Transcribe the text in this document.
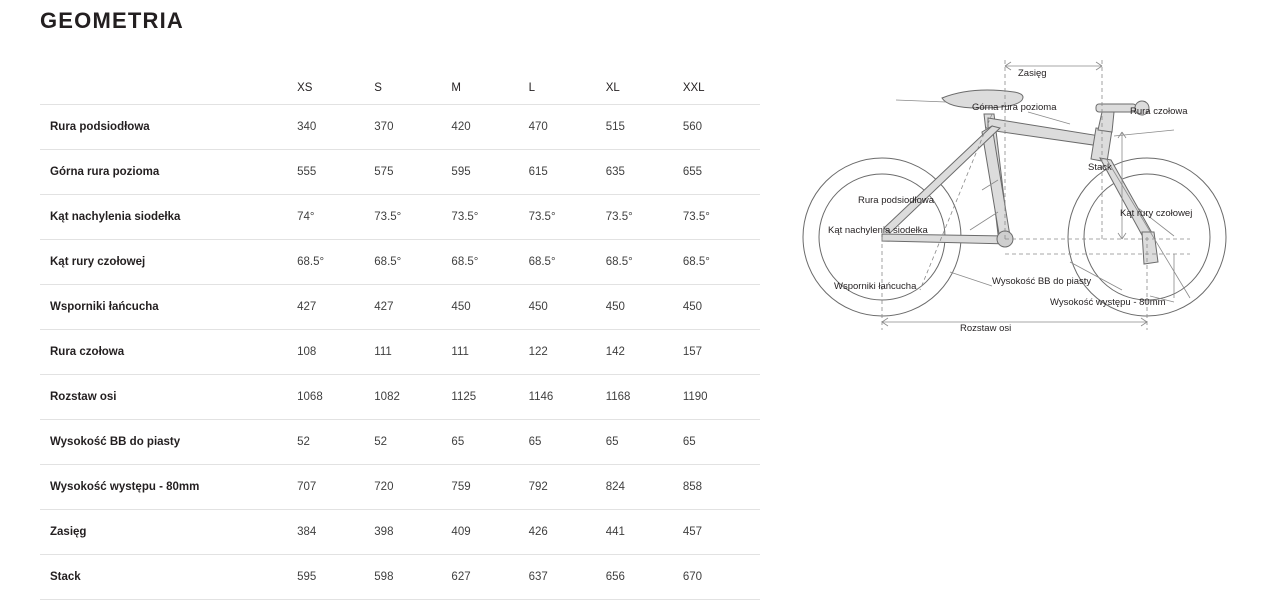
GEOMETRIA
	XS	S	M	L	XL	XXL
Rura podsiodłowa	340	370	420	470	515	560
Górna rura pozioma	555	575	595	615	635	655
Kąt nachylenia siodełka	74°	73.5°	73.5°	73.5°	73.5°	73.5°
Kąt rury czołowej	68.5°	68.5°	68.5°	68.5°	68.5°	68.5°
Wsporniki łańcucha	427	427	450	450	450	450
Rura czołowa	108	111	111	122	142	157
Rozstaw osi	1068	1082	1125	1146	1168	1190
Wysokość BB do piasty	52	52	65	65	65	65
Wysokość występu - 80mm	707	720	759	792	824	858
Zasięg	384	398	409	426	441	457
Stack	595	598	627	637	656	670
Zasięg
Górna rura pozioma	Rura czołowa
Stack
Rura podsiodłowa
Kąt nachylenia siodełka
Kąt rury czołowej
Wsporniki łańcucha	Wysokość BB do piasty
Wysokość występu - 80mm
Rozstaw osi
